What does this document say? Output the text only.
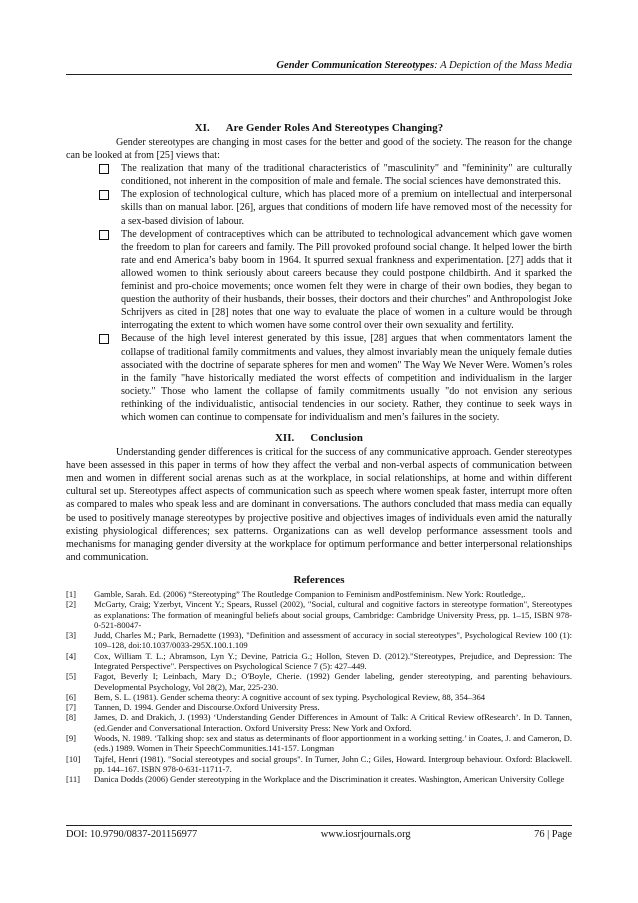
Gender Communication Stereotypes: A Depiction of the Mass Media
XI. Are Gender Roles And Stereotypes Changing?

Gender stereotypes are changing in most cases for the better and good of the society. The reason for the change can be looked at from [25] views that:

The realization that many of the traditional characteristics of "masculinity" and "femininity" are culturally conditioned, not inherent in the composition of male and female. The social sciences have demonstrated this.
The explosion of technological culture, which has placed more of a premium on intellectual and interpersonal skills than on manual labor. [26], argues that conditions of modern life have removed most of the necessity for a sex-based division of labour.
The development of contraceptives which can be attributed to technological advancement which gave women the freedom to plan for careers and family. The Pill provoked profound social change. It helped lower the birth rate and end America’s baby boom in 1964. It spurred sexual frankness and experimentation. [27] adds that it allowed women to think seriously about careers because they could postpone childbirth. And it sparked the feminist and pro-choice movements; once women felt they were in charge of their own bodies, they began to question the authority of their husbands, their bosses, their doctors and their churches" and Anthropologist Joke Schrijvers as cited in [28] notes that one way to evaluate the place of women in a culture would be through interrogating the extent to which women have some control over their own sexuality and fertility.
Because of the high level interest generated by this issue, [28] argues that when commentators lament the collapse of traditional family commitments and values, they almost invariably mean the uniquely female duties associated with the doctrine of separate spheres for men and women" The Way We Never Were. Women’s roles in the family "have historically mediated the worst effects of competition and individualism in the larger society." Those who lament the collapse of family commitments usually "do not envision any serious rethinking of the individualistic, antisocial tendencies in our society. Rather, they continue to seek ways in which women can continue to compensate for individualism and men’s failures in the society.
XII. Conclusion

Understanding gender differences is critical for the success of any communicative approach. Gender stereotypes have been assessed in this paper in terms of how they affect the verbal and non-verbal aspects of communication between men and women in different social arenas such as at the workplace, in social relationships, at home and within different cultural set up. Stereotypes affect aspects of communication such as speech where women speak faster, interrupt more often as compared to males who speak less and are dominant in conversations. The authors concluded that mass media can equally be used to positively manage stereotypes by projective positive and objectives images of individuals even amid the naturally existing physiological differences; sex patterns. Organizations can as well develop performance assessment tools and mechanisms for managing gender diversity at the workplace for optimum performance and better interpersonal relationships and communication.

References
[1]	Gamble, Sarah. Ed. (2006) “Stereotyping” The Routledge Companion to Feminism andPostfeminism. New York: Routledge,.
[2]	McGarty, Craig; Yzerbyt, Vincent Y.; Spears, Russel (2002), "Social, cultural and cognitive factors in stereotype formation", Stereotypes as explanations: The formation of meaningful beliefs about social groups, Cambridge: Cambridge University Press, pp. 1–15, ISBN 978-0-521-80047-
[3]	Judd, Charles M.; Park, Bernadette (1993), "Definition and assessment of accuracy in social stereotypes", Psychological Review 100 (1): 109–128, doi:10.1037/0033-295X.100.1.109
[4]	Cox, William T. L.; Abramson, Lyn Y.; Devine, Patricia G.; Hollon, Steven D. (2012)."Stereotypes, Prejudice, and Depression: The Integrated Perspective". Perspectives on Psychological Science 7 (5): 427–449.
[5]	Fagot, Beverly I; Leinbach, Mary D.; O'Boyle, Cherie. (1992) Gender labeling, gender stereotyping, and parenting behaviours. Developmental Psychology, Vol 28(2), Mar, 225-230.
[6]	Bem, S. L. (1981). Gender schema theory: A cognitive account of sex typing. Psychological Review, 88, 354–364
[7]	Tannen, D. 1994. Gender and Discourse.Oxford University Press.
[8]	James, D. and Drakich, J. (1993) ‘Understanding Gender Differences in Amount of Talk: A Critical Review ofResearch’. In D. Tannen, (ed.Gender and Conversational Interaction. Oxford University Press: New York and Oxford.
[9]	Woods, N. 1989. ‘Talking shop: sex and status as determinants of floor apportionment in a working setting.’ in Coates, J. and Cameron, D. (eds.) 1989. Women in Their SpeechCommunities.141-157. Longman
[10]	Tajfel, Henri (1981). "Social stereotypes and social groups". In Turner, John C.; Giles, Howard. Intergroup behaviour. Oxford: Blackwell. pp. 144–167. ISBN 978-0-631-11711-7.
[11]	Danica Dodds (2006) Gender stereotyping in the Workplace and the Discrimination it creates. Washington, American University College
DOI: 10.9790/0837-201156977	www.iosrjournals.org	76 | Page
